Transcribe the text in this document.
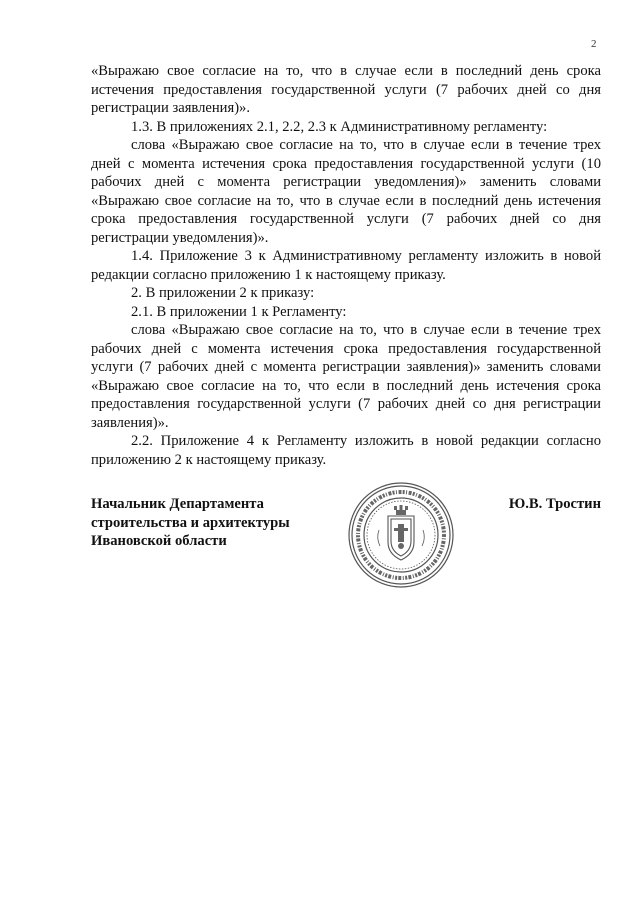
2

«Выражаю свое согласие на то, что в случае если в последний день срока истечения предоставления государственной услуги (7 рабочих дней со дня регистрации заявления)».

1.3. В приложениях 2.1, 2.2, 2.3 к Административному регламенту:

слова «Выражаю свое согласие на то, что в случае если в течение трех дней с момента истечения срока предоставления государственной услуги (10 рабочих дней с момента регистрации уведомления)» заменить словами «Выражаю свое согласие на то, что в случае если в последний день истечения срока предоставления государственной услуги (7 рабочих дней со дня регистрации уведомления)».

1.4. Приложение 3 к Административному регламенту изложить в новой редакции согласно приложению 1 к настоящему приказу.

2. В приложении 2 к приказу:

2.1. В приложении 1 к Регламенту:

слова «Выражаю свое согласие на то, что в случае если в течение трех рабочих дней с момента истечения срока предоставления государственной услуги (7 рабочих дней с момента регистрации заявления)» заменить словами «Выражаю свое согласие на то, что если в последний день истечения срока предоставления государственной услуги (7 рабочих дней со дня регистрации заявления)».

2.2. Приложение 4 к Регламенту изложить в новой редакции согласно приложению 2 к настоящему приказу.

Начальник Департамента
строительства и архитектуры
Ивановской области
Ю.В. Тростин
